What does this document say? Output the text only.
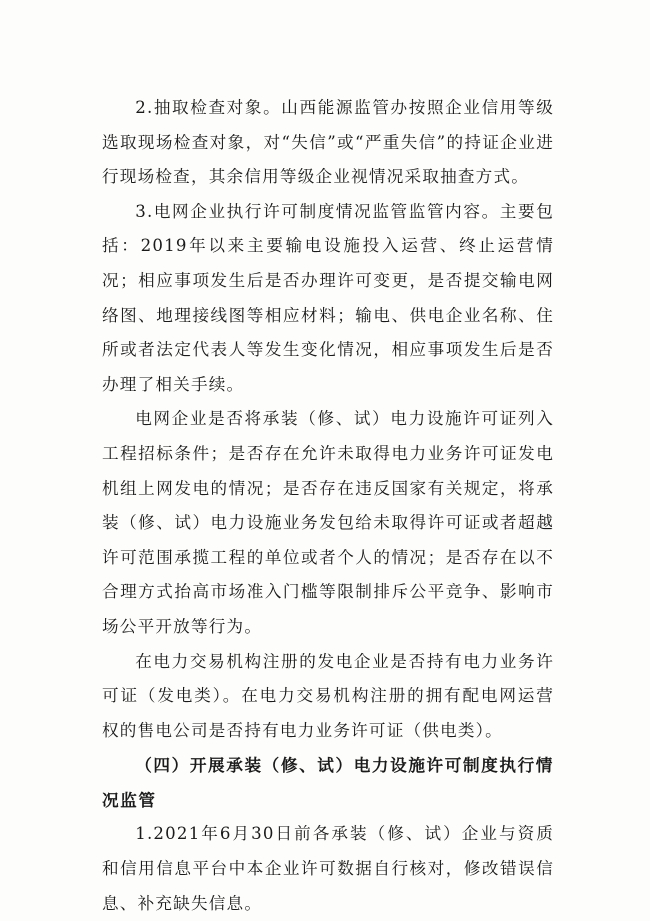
2.抽取检查对象。山西能源监管办按照企业信用等级选取现场检查对象，对“失信”或“严重失信”的持证企业进行现场检查，其余信用等级企业视情况采取抽查方式。

3.电网企业执行许可制度情况监管监管内容。主要包括：2019年以来主要输电设施投入运营、终止运营情况；相应事项发生后是否办理许可变更，是否提交输电网络图、地理接线图等相应材料；输电、供电企业名称、住所或者法定代表人等发生变化情况，相应事项发生后是否办理了相关手续。

电网企业是否将承装（修、试）电力设施许可证列入工程招标条件；是否存在允许未取得电力业务许可证发电机组上网发电的情况；是否存在违反国家有关规定，将承装（修、试）电力设施业务发包给未取得许可证或者超越许可范围承揽工程的单位或者个人的情况；是否存在以不合理方式抬高市场准入门槛等限制排斥公平竞争、影响市场公平开放等行为。

在电力交易机构注册的发电企业是否持有电力业务许可证（发电类）。在电力交易机构注册的拥有配电网运营权的售电公司是否持有电力业务许可证（供电类）。

（四）开展承装（修、试）电力设施许可制度执行情况监管

1.2021年6月30日前各承装（修、试）企业与资质和信用信息平台中本企业许可数据自行核对，修改错误信息、补充缺失信息。
